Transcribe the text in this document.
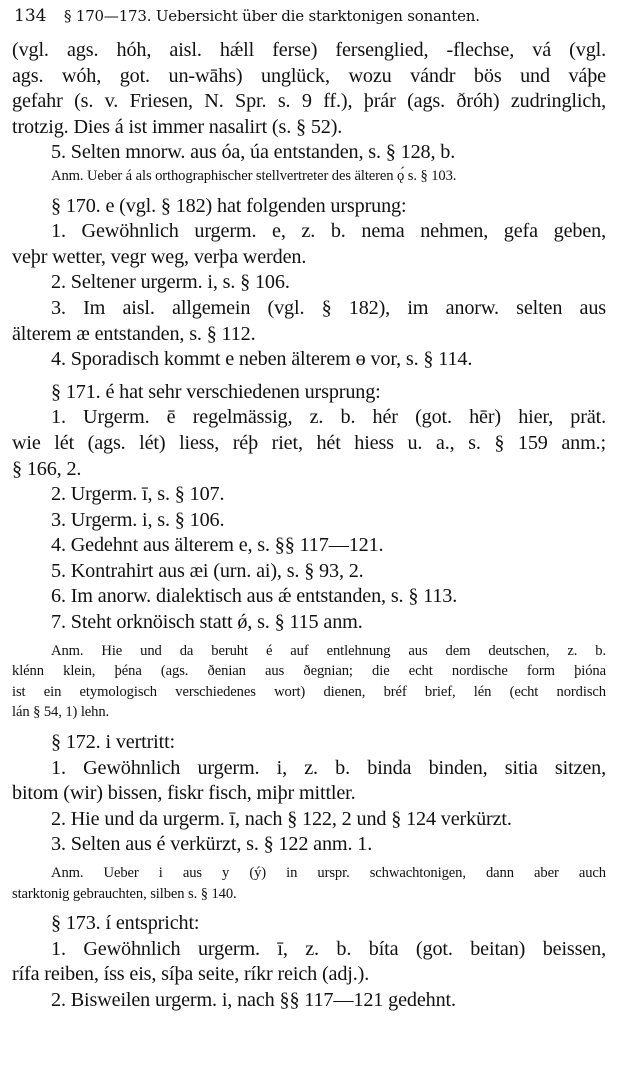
134	§ 170—173. Uebersicht über die starktonigen sonanten.
(vgl. ags. hóh, aisl. hǽll ferse) fersenglied, -flechse, vá (vgl.
ags. wóh, got. un-wāhs) unglück, wozu vándr bös und váþe
gefahr (s. v. Friesen, N. Spr. s. 9 ff.), þrár (ags. ðróh) zudringlich,
trotzig. Dies á ist immer nasalirt (s. § 52).
5. Selten mnorw. aus óa, úa entstanden, s. § 128, b.
Anm. Ueber á als orthographischer stellvertreter des älteren ǫ́ s. § 103.
§ 170. e (vgl. § 182) hat folgenden ursprung:
1. Gewöhnlich urgerm. e, z. b. nema nehmen, gefa geben,
veþr wetter, vegr weg, verþa werden.
2. Seltener urgerm. i, s. § 106.
3. Im aisl. allgemein (vgl. § 182), im anorw. selten aus
älterem æ entstanden, s. § 112.
4. Sporadisch kommt e neben älterem ɵ vor, s. § 114.
§ 171. é hat sehr verschiedenen ursprung:
1. Urgerm. ē regelmässig, z. b. hér (got. hēr) hier, prät.
wie lét (ags. lét) liess, réþ riet, hét hiess u. a., s. § 159 anm.;
§ 166, 2.
2. Urgerm. ī, s. § 107.
3. Urgerm. i, s. § 106.
4. Gedehnt aus älterem e, s. §§ 117—121.
5. Kontrahirt aus æi (urn. ai), s. § 93, 2.
6. Im anorw. dialektisch aus ǽ entstanden, s. § 113.
7. Steht orknöisch statt ǿ, s. § 115 anm.
Anm. Hie und da beruht é auf entlehnung aus dem deutschen, z. b.
klénn klein, þéna (ags. ðenian aus ðegnian; die echt nordische form þióna
ist ein etymologisch verschiedenes wort) dienen, bréf brief, lén (echt nordisch
lán § 54, 1) lehn.
§ 172. i vertritt:
1. Gewöhnlich urgerm. i, z. b. binda binden, sitia sitzen,
bitom (wir) bissen, fiskr fisch, miþr mittler.
2. Hie und da urgerm. ī, nach § 122, 2 und § 124 verkürzt.
3. Selten aus é verkürzt, s. § 122 anm. 1.
Anm. Ueber i aus y (ý) in urspr. schwachtonigen, dann aber auch
starktonig gebrauchten, silben s. § 140.
§ 173. í entspricht:
1. Gewöhnlich urgerm. ī, z. b. bíta (got. beitan) beissen,
rífa reiben, íss eis, síþa seite, ríkr reich (adj.).
2. Bisweilen urgerm. i, nach §§ 117—121 gedehnt.
